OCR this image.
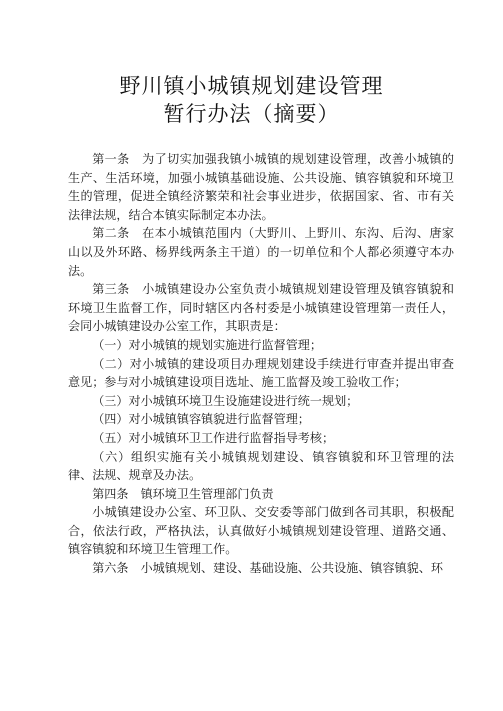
野川镇小城镇规划建设管理
暂行办法（摘要）

第一条　为了切实加强我镇小城镇的规划建设管理，改善小城镇的生产、生活环境，加强小城镇基础设施、公共设施、镇容镇貌和环境卫生的管理，促进全镇经济繁荣和社会事业进步，依据国家、省、市有关法律法规，结合本镇实际制定本办法。

第二条　在本小城镇范围内（大野川、上野川、东沟、后沟、唐家山以及外环路、杨界线两条主干道）的一切单位和个人都必须遵守本办法。

第三条　小城镇建设办公室负责小城镇规划建设管理及镇容镇貌和环境卫生监督工作，同时辖区内各村委是小城镇建设管理第一责任人，会同小城镇建设办公室工作，其职责是：

（一）对小城镇的规划实施进行监督管理；

（二）对小城镇的建设项目办理规划建设手续进行审查并提出审查意见；参与对小城镇建设项目选址、施工监督及竣工验收工作；

（三）对小城镇环境卫生设施建设进行统一规划；

（四）对小城镇镇容镇貌进行监督管理；

（五）对小城镇环卫工作进行监督指导考核；

（六）组织实施有关小城镇规划建设、镇容镇貌和环卫管理的法律、法规、规章及办法。

第四条　镇环境卫生管理部门负责

小城镇建设办公室、环卫队、交安委等部门做到各司其职，积极配合，依法行政，严格执法，认真做好小城镇规划建设管理、道路交通、镇容镇貌和环境卫生管理工作。

第六条　小城镇规划、建设、基础设施、公共设施、镇容镇貌、环
